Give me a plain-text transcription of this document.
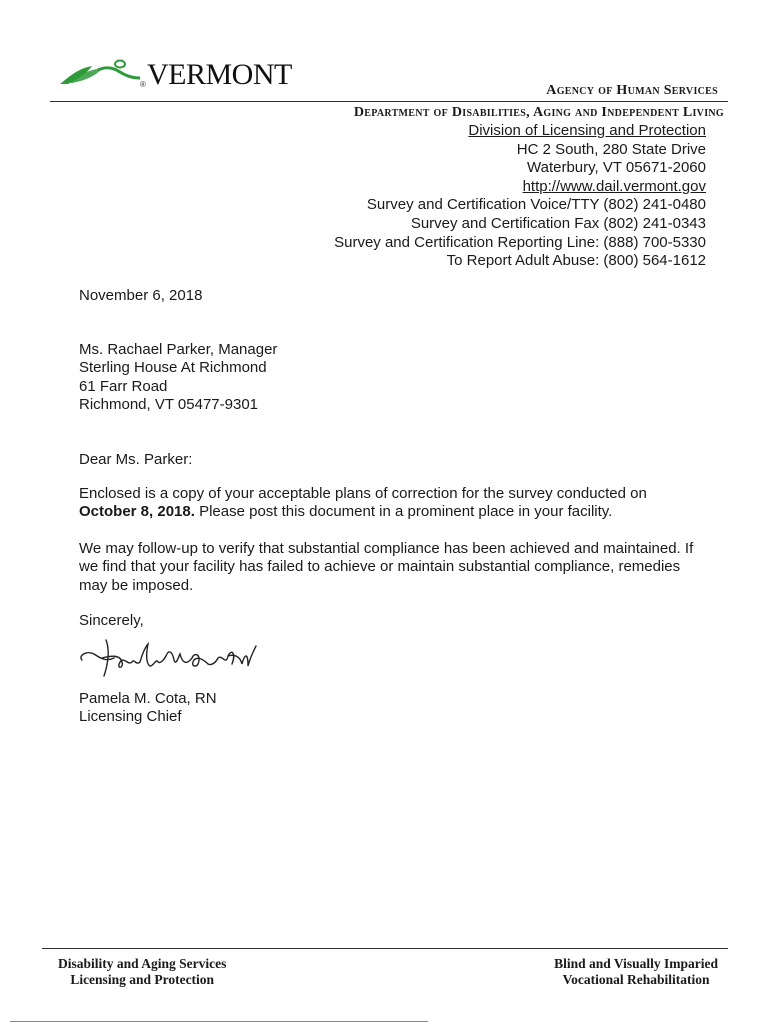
® VERMONT	Agency of Human Services
Department of Disabilities, Aging and Independent Living
Division of Licensing and Protection
HC 2 South, 280 State Drive
Waterbury, VT 05671-2060
http://www.dail.vermont.gov
Survey and Certification Voice/TTY (802) 241-0480
Survey and Certification Fax (802) 241-0343
Survey and Certification Reporting Line: (888) 700-5330
To Report Adult Abuse: (800) 564-1612
November 6, 2018
Ms. Rachael Parker, Manager
Sterling House At Richmond
61 Farr Road
Richmond, VT 05477-9301
Dear Ms. Parker:
Enclosed is a copy of your acceptable plans of correction for the survey conducted on
October 8, 2018. Please post this document in a prominent place in your facility.
We may follow-up to verify that substantial compliance has been achieved and maintained. If
we find that your facility has failed to achieve or maintain substantial compliance, remedies
may be imposed.
Sincerely,
Pamela M. Cota, RN
Licensing Chief
Disability and Aging Services
Licensing and Protection
Blind and Visually Imparied
Vocational Rehabilitation
